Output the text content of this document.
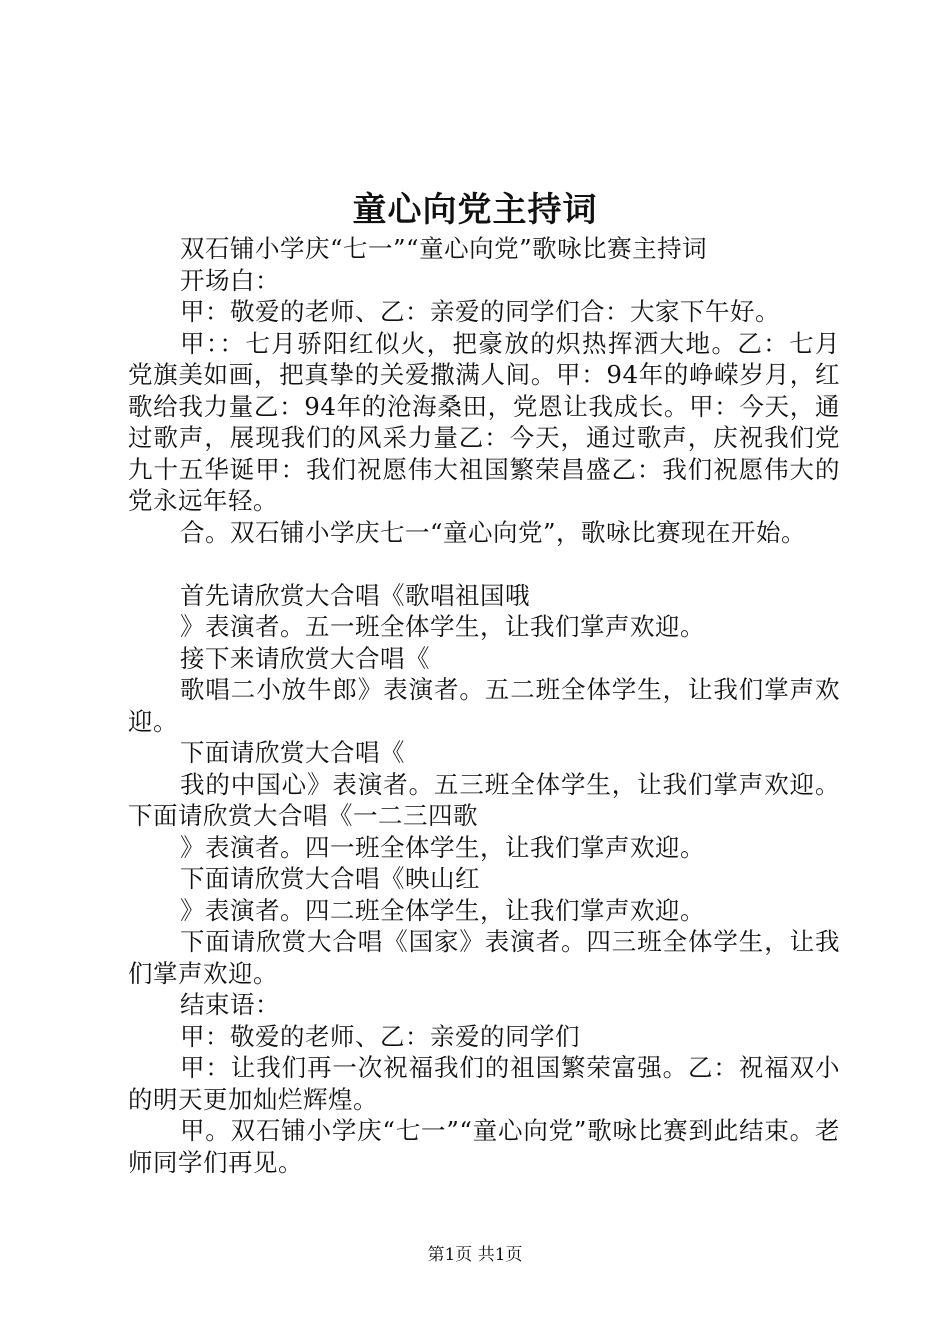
童心向党主持词

双石铺小学庆“七一”“童心向党”歌咏比赛主持词

开场白：

甲：敬爱的老师、乙：亲爱的同学们合：大家下午好。

甲：：七月骄阳红似火，把豪放的炽热挥洒大地。乙：七月党旗美如画，把真挚的关爱撒满人间。甲：94年的峥嵘岁月，红歌给我力量乙：94年的沧海桑田，党恩让我成长。甲：今天，通过歌声，展现我们的风采力量乙：今天，通过歌声，庆祝我们党九十五华诞甲：我们祝愿伟大祖国繁荣昌盛乙：我们祝愿伟大的党永远年轻。

合。双石铺小学庆七一“童心向党”，歌咏比赛现在开始。

首先请欣赏大合唱《歌唱祖国哦

》表演者。五一班全体学生，让我们掌声欢迎。

接下来请欣赏大合唱《

歌唱二小放牛郎》表演者。五二班全体学生，让我们掌声欢迎。

下面请欣赏大合唱《

我的中国心》表演者。五三班全体学生，让我们掌声欢迎。下面请欣赏大合唱《一二三四歌

》表演者。四一班全体学生，让我们掌声欢迎。

下面请欣赏大合唱《映山红

》表演者。四二班全体学生，让我们掌声欢迎。

下面请欣赏大合唱《国家》表演者。四三班全体学生，让我们掌声欢迎。

结束语：

甲：敬爱的老师、乙：亲爱的同学们

甲：让我们再一次祝福我们的祖国繁荣富强。乙：祝福双小的明天更加灿烂辉煌。

甲。双石铺小学庆“七一”“童心向党”歌咏比赛到此结束。老师同学们再见。

第1页 共1页
